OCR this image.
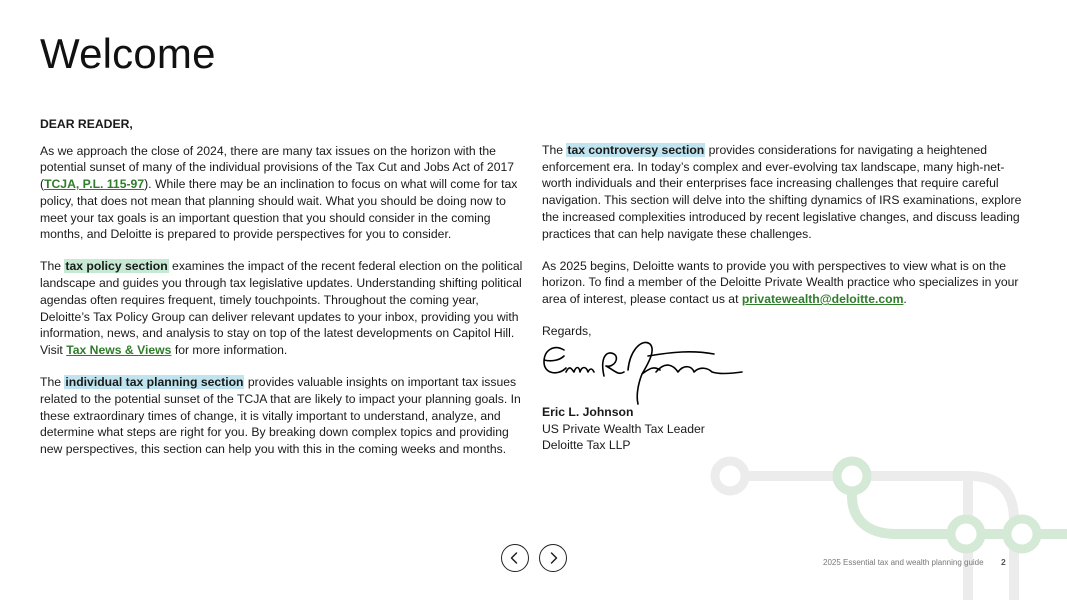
Welcome
DEAR READER,

As we approach the close of 2024, there are many tax issues on the horizon with the potential sunset of many of the individual provisions of the Tax Cut and Jobs Act of 2017 (TCJA, P.L. 115-97). While there may be an inclination to focus on what will come for tax policy, that does not mean that planning should wait. What you should be doing now to meet your tax goals is an important question that you should consider in the coming months, and Deloitte is prepared to provide perspectives for you to consider.

The tax policy section examines the impact of the recent federal election on the political landscape and guides you through tax legislative updates. Understanding shifting political agendas often requires frequent, timely touchpoints. Throughout the coming year, Deloitte’s Tax Policy Group can deliver relevant updates to your inbox, providing you with information, news, and analysis to stay on top of the latest developments on Capitol Hill. Visit Tax News & Views for more information.

The individual tax planning section provides valuable insights on important tax issues related to the potential sunset of the TCJA that are likely to impact your planning goals. In these extraordinary times of change, it is vitally important to understand, analyze, and determine what steps are right for you. By breaking down complex topics and providing new perspectives, this section can help you with this in the coming weeks and months.

The tax controversy section provides considerations for navigating a heightened enforcement era. In today’s complex and ever-evolving tax landscape, many high-net-worth individuals and their enterprises face increasing challenges that require careful navigation. This section will delve into the shifting dynamics of IRS examinations, explore the increased complexities introduced by recent legislative changes, and discuss leading practices that can help navigate these challenges.

As 2025 begins, Deloitte wants to provide you with perspectives to view what is on the horizon. To find a member of the Deloitte Private Wealth practice who specializes in your area of interest, please contact us at privatewealth@deloitte.com.

Regards,
Eric L. Johnson
US Private Wealth Tax Leader
Deloitte Tax LLP
2025 Essential tax and wealth planning guide 2
